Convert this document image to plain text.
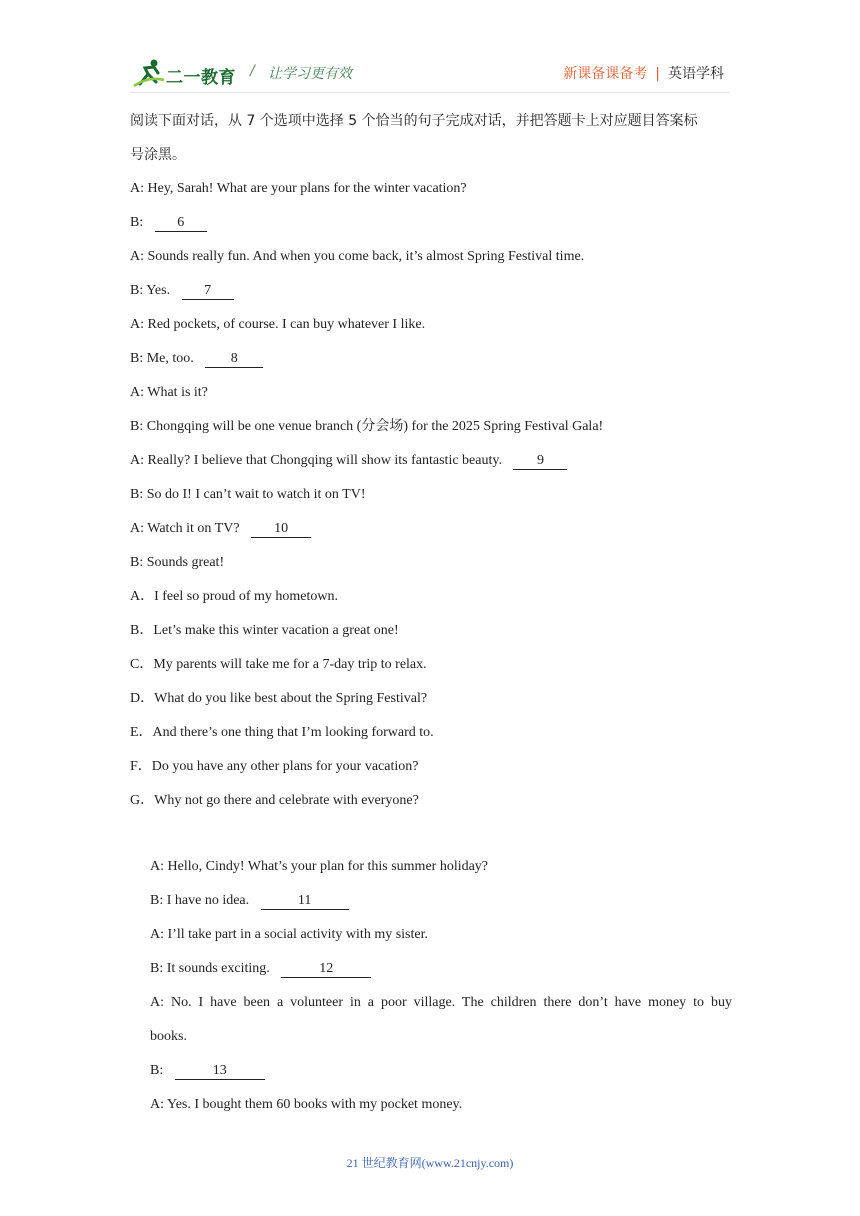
二一教育 / 让学习更有效	新课备课备考 | 英语学科
阅读下面对话，从 7 个选项中选择 5 个恰当的句子完成对话，并把答题卡上对应题目答案标
号涂黑。
A: Hey, Sarah! What are your plans for the winter vacation?
B: 6
A: Sounds really fun. And when you come back, it’s almost Spring Festival time.
B: Yes. 7
A: Red pockets, of course. I can buy whatever I like.
B: Me, too. 8
A: What is it?
B: Chongqing will be one venue branch (分会场) for the 2025 Spring Festival Gala!
A: Really? I believe that Chongqing will show its fantastic beauty. 9
B: So do I! I can’t wait to watch it on TV!
A: Watch it on TV? 10
B: Sounds great!
A．I feel so proud of my hometown.
B．Let’s make this winter vacation a great one!
C．My parents will take me for a 7-day trip to relax.
D．What do you like best about the Spring Festival?
E．And there’s one thing that I’m looking forward to.
F．Do you have any other plans for your vacation?
G．Why not go there and celebrate with everyone?
A: Hello, Cindy! What’s your plan for this summer holiday?
B: I have no idea.	11
A: I’ll take part in a social activity with my sister.
B: It sounds exciting.	12
A: No. I have been a volunteer in a poor village. The children there don’t have money to buy
books.
B:	13
A: Yes. I bought them 60 books with my pocket money.
21 世纪教育网(www.21cnjy.com)
